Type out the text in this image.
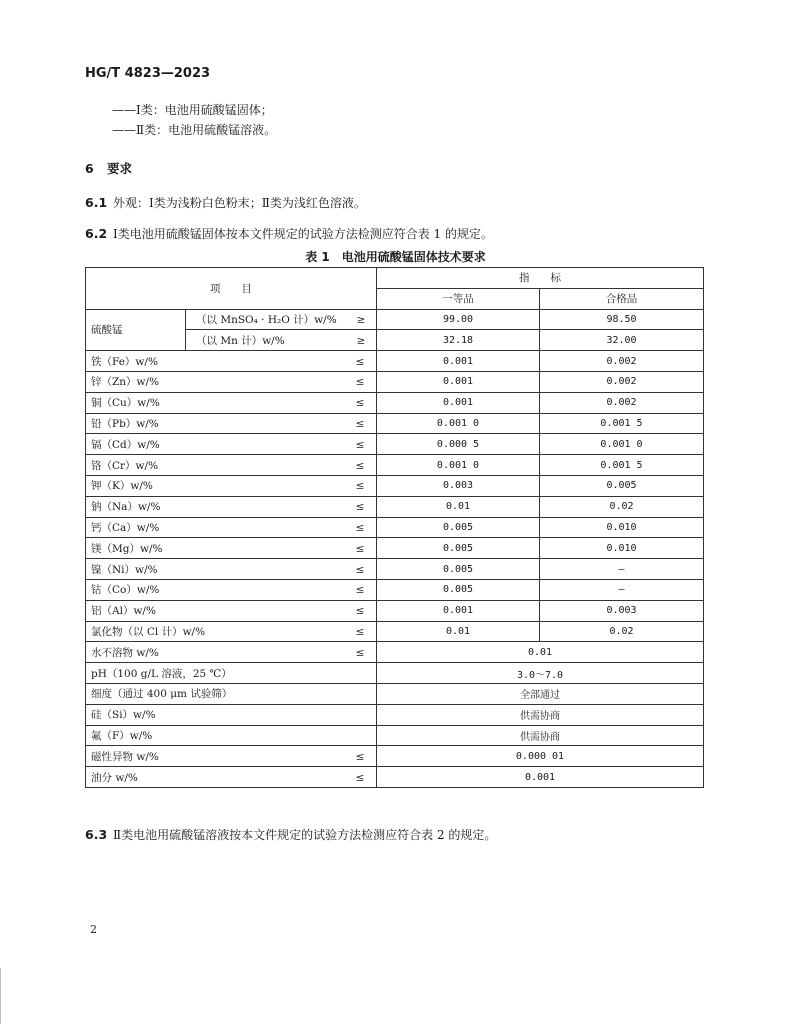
HG/T 4823—2023
——Ⅰ类：电池用硫酸锰固体；
——Ⅱ类：电池用硫酸锰溶液。
6 要求
6.1 外观：Ⅰ类为浅粉白色粉末；Ⅱ类为浅红色溶液。
6.2 Ⅰ类电池用硫酸锰固体按本文件规定的试验方法检测应符合表 1 的规定。
表 1　电池用硫酸锰固体技术要求
项　　目		指　　标	
		一等品	合格品
硫酸锰	（以 MnSO₄ · H₂O 计）w/% ≥	99.00	98.50
	（以 Mn 计）w/% ≥	32.18	32.00
铁（Fe）w/% ≤		0.001	0.002
锌（Zn）w/% ≤		0.001	0.002
铜（Cu）w/% ≤		0.001	0.002
铅（Pb）w/% ≤		0.001 0	0.001 5
镉（Cd）w/% ≤		0.000 5	0.001 0
铬（Cr）w/% ≤		0.001 0	0.001 5
钾（K）w/% ≤		0.003	0.005
钠（Na）w/% ≤		0.01	0.02
钙（Ca）w/% ≤		0.005	0.010
镁（Mg）w/% ≤		0.005	0.010
镍（Ni）w/% ≤		0.005	—
钴（Co）w/% ≤		0.005	—
铝（Al）w/% ≤		0.001	0.003
氯化物（以 Cl 计）w/% ≤		0.01	0.02
水不溶物 w/% ≤		0.01	
pH（100 g/L 溶液，25 ℃）		3.0～7.0	
细度（通过 400 μm 试验筛）		全部通过	
硅（Si）w/%		供需协商	
氟（F）w/%		供需协商	
磁性异物 w/% ≤		0.000 01	
油分 w/% ≤		0.001	
6.3 Ⅱ类电池用硫酸锰溶液按本文件规定的试验方法检测应符合表 2 的规定。
2
